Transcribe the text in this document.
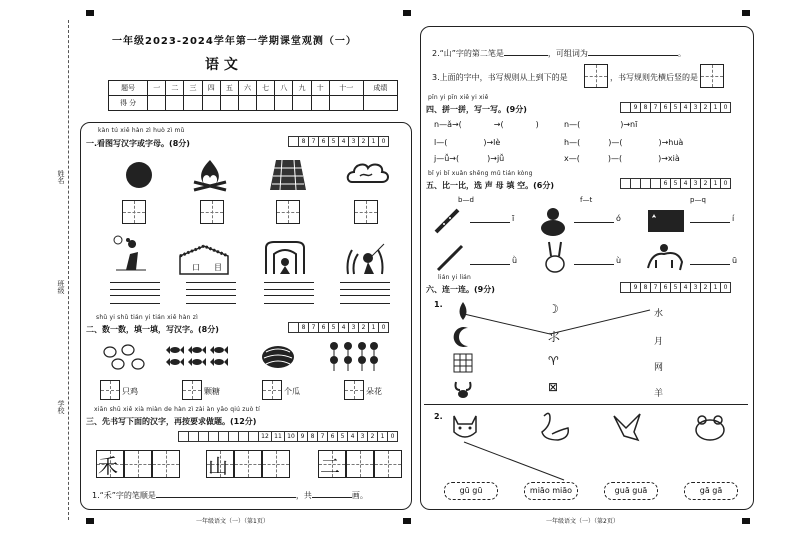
姓名
班级
学校
一年级2023-2024学年第一学期课堂观测（一）
语 文
题号	一	二	三	四	五	六	七	八	九	十	十一	成绩
得 分												
kàn tú xiě hàn zì huò zì mǔ
一.看图写汉字或字母。(8分)	8	7	6	5	4	3	2	1	0
口 目
shǔ yi shǔ tián yi tián xiě hàn zì
二、数一数，填一填，写汉字。(8分)	8	7	6	5	4	3	2	1	0
只鸡	颗糖	个瓜	朵花
xiān shū xiě xià miàn de hàn zì zài àn yāo qiú zuò tí
三、先书写下面的汉字，再按要求做题。(12分)
12 11 10 9	8	7	6	5	4	3	2	1	0
禾	山	二
1.“禾”字的笔顺是	，共	画。
一年级语文（一）（第1页）
2.“山”字的第二笔是	，可组词为	。
3.上面的字中，书写规则从上到下的是	，书写规则先横后竖的是
pīn yi pīn xiě yi xiě
四、拼一拼，写一写。(9分)	9	8	7	6	5	4	3	2	1	0
n—ǎ→(	→(	)	n—(	)→nī
l—(	)→lè	h—(	)—(	)→huà
j—ǚ→(	)→jǚ	x—(	)—(	)→xià
bǐ yi bǐ xuǎn shēng mǔ tián kòng
五、比一比，选 声 母 填 空。(6分)	6	5	4	3	2	1	0
b—d	f—t	p—q
ī	ó	í
ǜ	ù	ū
lián yi lián
六、连一连。(9分)	9	8	7	6	5	4	3	2	1	0
1.	☽
⺢
♈
⊠
水
月
网
羊
2.
gū gū	miāo miāo	guā guā	gā gā
一年级语文（一）（第2页）
